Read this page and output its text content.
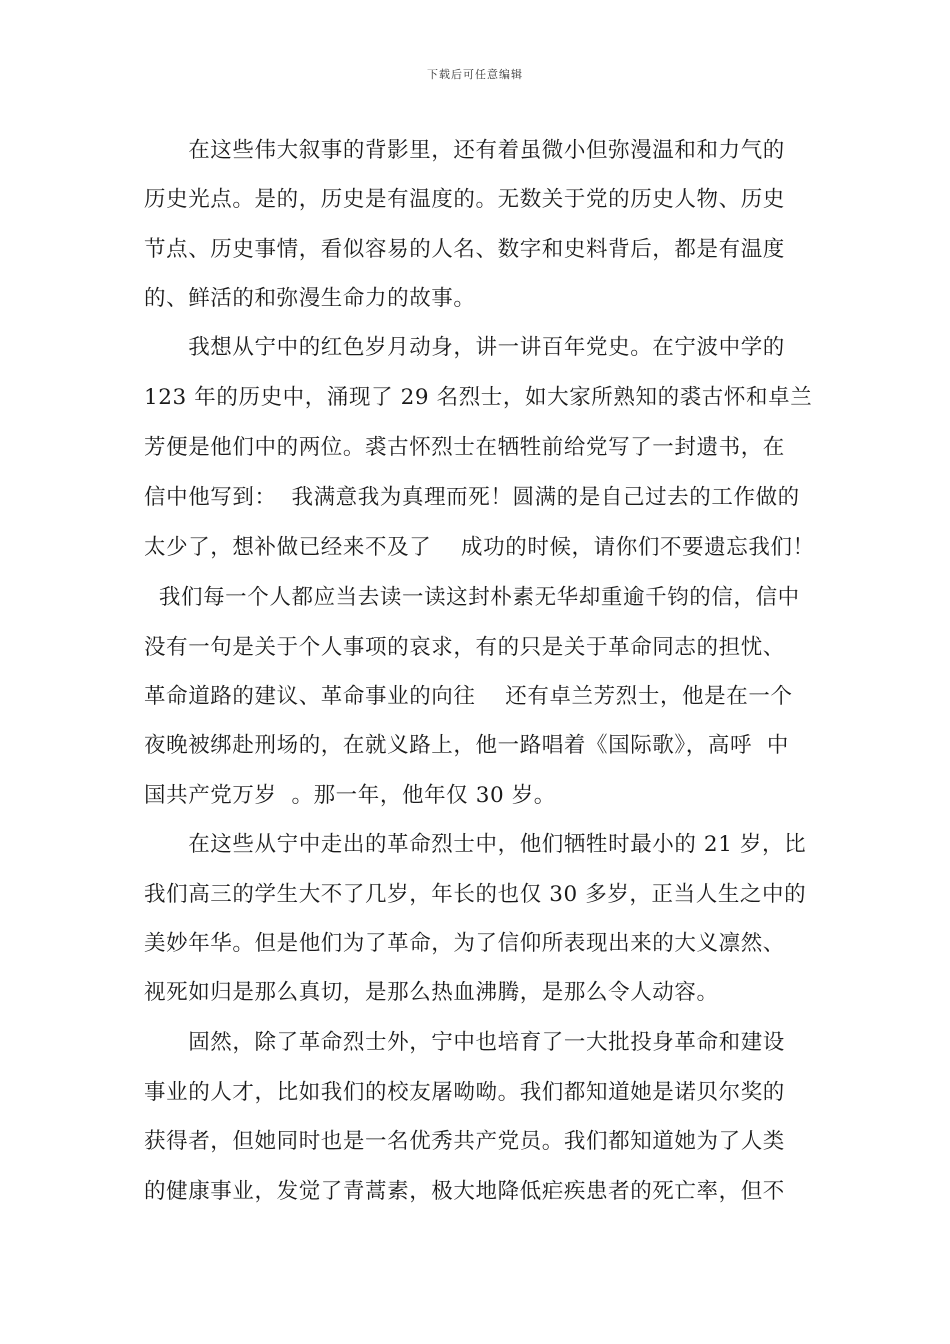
下载后可任意编辑
　　在这些伟大叙事的背影里，还有着虽微小但弥漫温和和力气的
历史光点。是的，历史是有温度的。无数关于党的历史人物、历史
节点、历史事情，看似容易的人名、数字和史料背后，都是有温度
的、鲜活的和弥漫生命力的故事。
　　我想从宁中的红色岁月动身，讲一讲百年党史。在宁波中学的
123 年的历史中，涌现了 29 名烈士，如大家所熟知的裘古怀和卓兰
芳便是他们中的两位。裘古怀烈士在牺牲前给党写了一封遗书，在
信中他写到：  我满意我为真理而死！圆满的是自己过去的工作做的
太少了，想补做已经来不及了    成功的时候，请你们不要遗忘我们！
我们每一个人都应当去读一读这封朴素无华却重逾千钧的信，信中
没有一句是关于个人事项的哀求，有的只是关于革命同志的担忧、
革命道路的建议、革命事业的向往    还有卓兰芳烈士，他是在一个
夜晚被绑赴刑场的，在就义路上，他一路唱着《国际歌》，高呼  中
国共产党万岁  。那一年，他年仅 30 岁。
　　在这些从宁中走出的革命烈士中，他们牺牲时最小的 21 岁，比
我们高三的学生大不了几岁，年长的也仅 30 多岁，正当人生之中的
美妙年华。但是他们为了革命，为了信仰所表现出来的大义凛然、
视死如归是那么真切，是那么热血沸腾，是那么令人动容。
　　固然，除了革命烈士外，宁中也培育了一大批投身革命和建设
事业的人才，比如我们的校友屠呦呦。我们都知道她是诺贝尔奖的
获得者，但她同时也是一名优秀共产党员。我们都知道她为了人类
的健康事业，发觉了青蒿素，极大地降低疟疾患者的死亡率，但不
